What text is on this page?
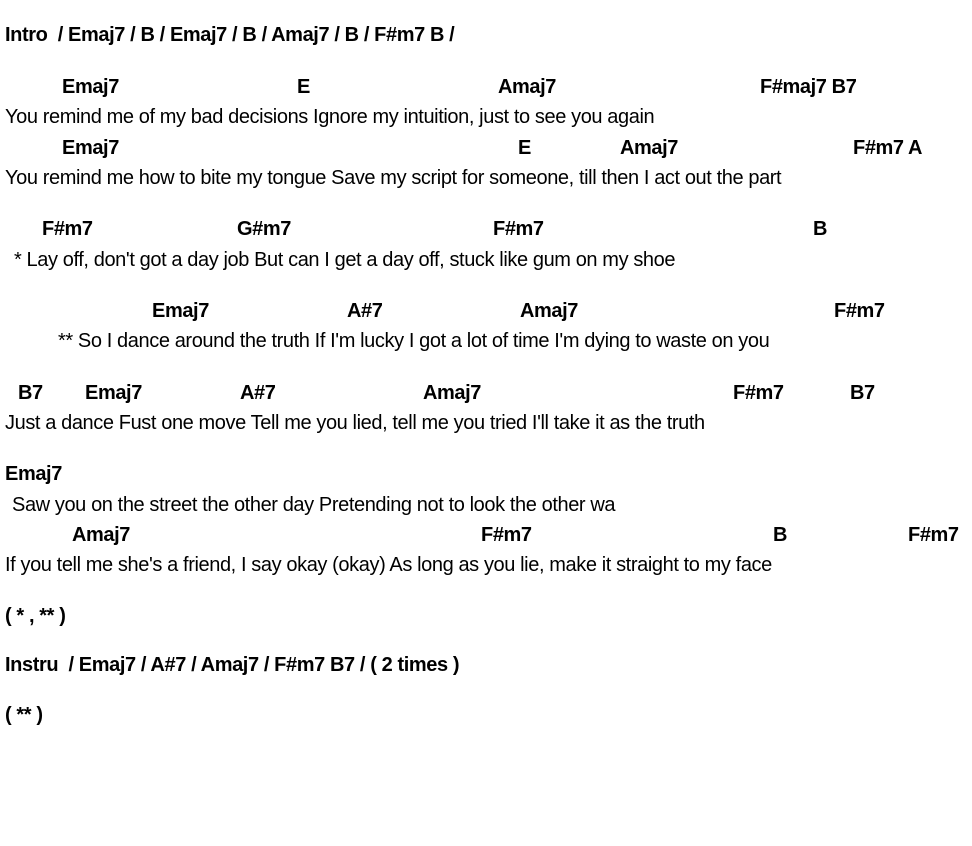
Intro  / Emaj7 / B / Emaj7 / B / Amaj7 / B / F#m7 B /
Emaj7	E	Amaj7	F#maj7 B7
You remind me of my bad decisions Ignore my intuition, just to see you again
Emaj7	E	Amaj7	F#m7 A
You remind me how to bite my tongue Save my script for someone, till then I act out the part
F#m7	G#m7	F#m7	B
* Lay off, don't got a day job But can I get a day off, stuck like gum on my shoe
Emaj7	A#7	Amaj7	F#m7
** So I dance around the truth If I'm lucky I got a lot of time I'm dying to waste on you
B7 Emaj7	A#7	Amaj7	F#m7	B7
Just a dance Fust one move Tell me you lied, tell me you tried I'll take it as the truth
Emaj7
Saw you on the street the other day Pretending not to look the other wa
Amaj7	F#m7	B	F#m7
If you tell me she's a friend, I say okay (okay) As long as you lie, make it straight to my face
( * , ** )
Instru  / Emaj7 / A#7 / Amaj7 / F#m7 B7 / ( 2 times )
( ** )
